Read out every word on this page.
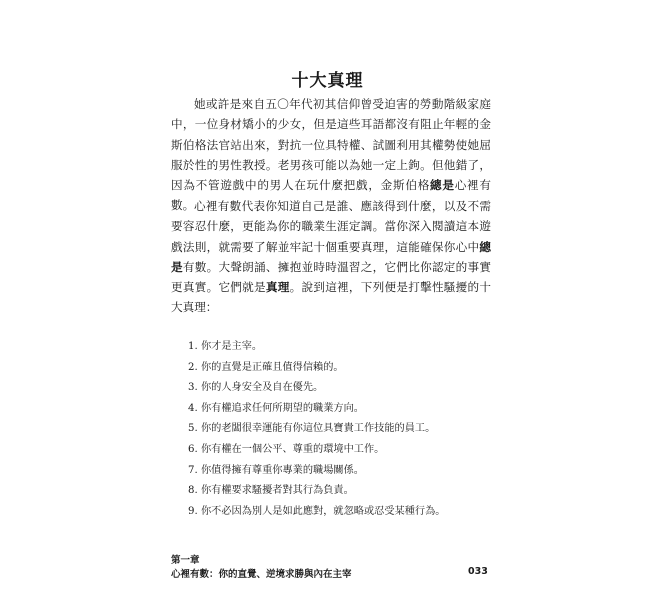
十大真理

她或許是來自五〇年代初其信仰曾受迫害的勞動階級家庭中，一位身材矯小的少女，但是這些耳語都沒有阻止年輕的金斯伯格法官站出來，對抗一位具特權、試圖利用其權勢使她屈服於性的男性教授。老男孩可能以為她一定上鉤。但他錯了，因為不管遊戲中的男人在玩什麼把戲，金斯伯格總是心裡有數。 心裡有數代表你知道自己是誰、應該得到什麼，以及不需要容忍什麼，更能為你的職業生涯定調。當你深入閱讀這本遊戲法則，就需要了解並牢記十個重要真理，這能確保你心中總是有數。大聲朗誦、擁抱並時時溫習之，它們比你認定的事實更真實。它們就是真理。說到這裡，下列便是打擊性騷擾的十大真理：

1. 你才是主宰。
2. 你的直覺是正確且值得信賴的。
3. 你的人身安全及自在優先。
4. 你有權追求任何所期望的職業方向。
5. 你的老闆很幸運能有你這位具寶貴工作技能的員工。
6. 你有權在一個公平、尊重的環境中工作。
7. 你值得擁有尊重你專業的職場關係。
8. 你有權要求騷擾者對其行為負責。
9. 你不必因為別人是如此應對，就忽略或忍受某種行為。
第一章
心裡有數：你的直覺、逆境求勝與內在主宰	033
